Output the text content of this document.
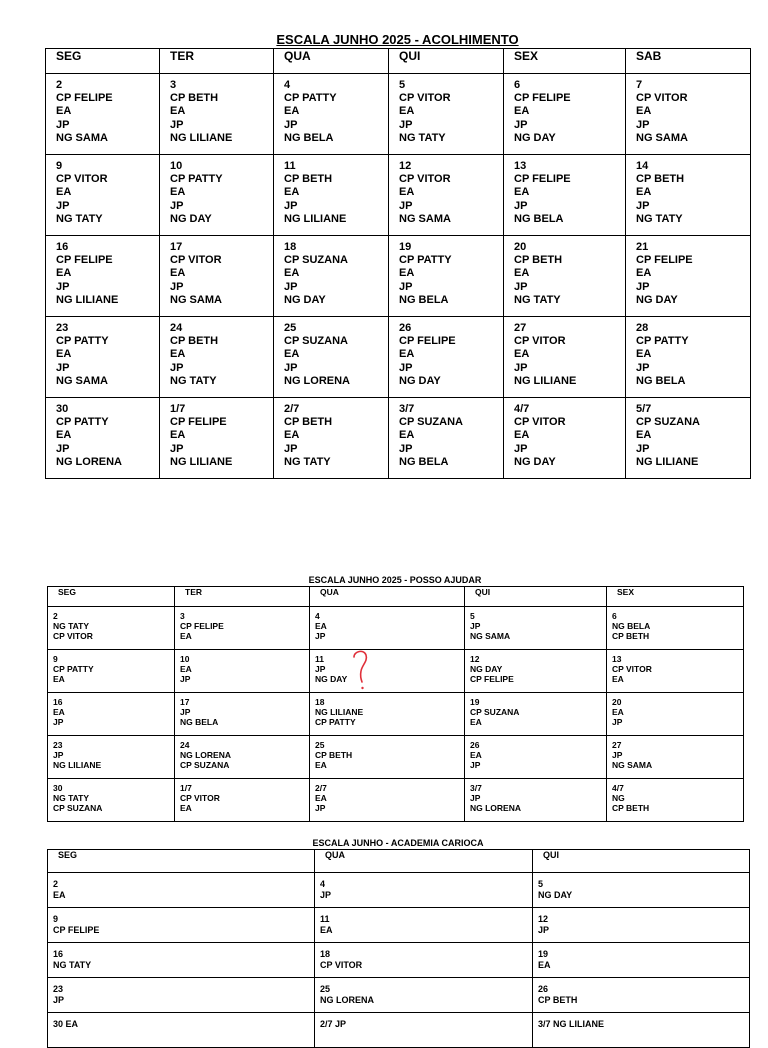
ESCALA JUNHO 2025 - ACOLHIMENTO
SEG	TER	QUA	QUI	SEX	SAB

2
CP FELIPE
EA
JP
NG SAMA	3
CP BETH
EA
JP
NG LILIANE	4
CP PATTY
EA
JP
NG BELA	5
CP VITOR
EA
JP
NG TATY	6
CP FELIPE
EA
JP
NG DAY	7
CP VITOR
EA
JP
NG SAMA

9
CP VITOR
EA
JP
NG TATY	10
CP PATTY
EA
JP
NG DAY	11
CP BETH
EA
JP
NG LILIANE	12
CP VITOR
EA
JP
NG SAMA	13
CP FELIPE
EA
JP
NG BELA	14
CP BETH
EA
JP
NG TATY

16
CP FELIPE
EA
JP
NG LILIANE	17
CP VITOR
EA
JP
NG SAMA	18
CP SUZANA
EA
JP
NG DAY	19
CP PATTY
EA
JP
NG BELA	20
CP BETH
EA
JP
NG TATY	21
CP FELIPE
EA
JP
NG DAY

23
CP PATTY
EA
JP
NG SAMA	24
CP BETH
EA
JP
NG TATY	25
CP SUZANA
EA
JP
NG LORENA	26
CP FELIPE
EA
JP
NG DAY	27
CP VITOR
EA
JP
NG LILIANE	28
CP PATTY
EA
JP
NG BELA

30
CP PATTY
EA
JP
NG LORENA	1/7
CP FELIPE
EA
JP
NG LILIANE	2/7
CP BETH
EA
JP
NG TATY	3/7
CP SUZANA
EA
JP
NG BELA	4/7
CP VITOR
EA
JP
NG DAY	5/7
CP SUZANA
EA
JP
NG LILIANE
ESCALA JUNHO 2025 - POSSO AJUDAR
SEG	TER	QUA	QUI	SEX

2
NG TATY
CP VITOR	3
CP FELIPE
EA	4
EA
JP	5
JP
NG SAMA	6
NG BELA
CP BETH

9
CP PATTY
EA	10
EA
JP	11
JP
NG DAY	12
NG DAY
CP FELIPE	13
CP VITOR
EA

16
EA
JP	17
JP
NG BELA	18
NG LILIANE
CP PATTY	19
CP SUZANA
EA	20
EA
JP

23
JP
NG LILIANE	24
NG LORENA
CP SUZANA	25
CP BETH
EA	26
EA
JP	27
JP
NG SAMA

30
NG TATY
CP SUZANA	1/7
CP VITOR
EA	2/7
EA
JP	3/7
JP
NG LORENA	4/7
NG
CP BETH
ESCALA JUNHO - ACADEMIA CARIOCA
SEG	QUA	QUI

2
EA	4
JP	5
NG DAY

9
CP FELIPE	11
EA	12
JP

16
NG TATY	18
CP VITOR	19
EA

23
JP	25
NG LORENA	26
CP BETH

30 EA	2/7 JP	3/7 NG LILIANE
